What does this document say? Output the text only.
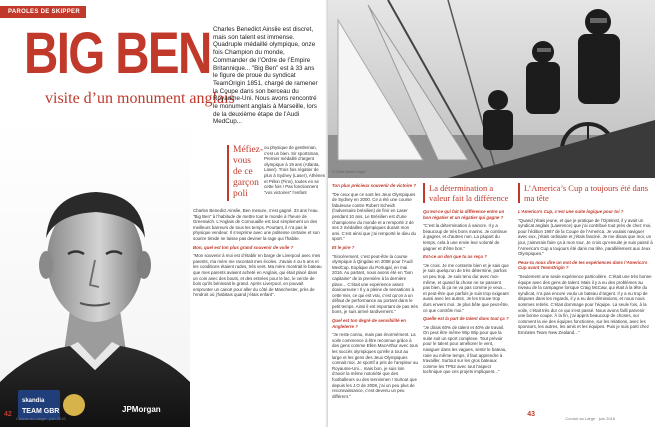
PAROLES DE SKIPPER
skandia
TEAM GBR	JPMorgan
BIG BEN
visite d’un monument anglais
Charles Benedict Ainslie est discret, mais son talent est immense. Quadruple médaillé olympique, onze fois Champion du monde, Commander de l’Ordre de l’Empire Britannique... "Big Ben" est à 33 ans le figure de proue du syndicat TeamOrigin 1851, chargé de ramener la Coupe dans son berceau du Royaume-Uni. Nous avons rencontré le monument anglais à Marseille, lors de la deuxième étape de l’Audi MedCup...
Méfiez-vous de ce garçon poli
ou physique de gentleman, c’est un bien. Sir sportsman, Premier médaillé d’argent olympique à 19 ans (Atlanta, Laser). Trois fois régatier de plus à Sydney (Laser), Athènes et Pékin (Finn), toutes en se cette fois ! Pas fonctionnent "vos victoires" l’enfant
Charles Benedict Ainslie, Ben mesure, s’est gagné. 33 ans l’eau. "Big Ben" à l’habitude de mettre tout le monde à l’heure de Greenwich. L’Anglais de Cornouaille est tout simplement un des meilleurs barreurs de tous les temps. Pourtant, il n’a pas le physique vendeur. Il s’exprime avec une politesse certaine et son sourire timide ne laisse pas deviner la rage qui l’habite.
Bon, quel est ton plus grand souvenir de voile ?
"Mon souvenir à moi est d’établir en barge de Liverpool avec mes parents, ma mère me racontait mes écoles. J’avais 4 ou 5 ans et les conditions étaient rudes, très vent. Ma mère montrait le bateau que mes parents avaient acheté en Anglais, qui était placé dans un coin avec des bouts, et des entrées pour le lac, le cercle de bois qu’ils bénissait le grand. Après Liverpool, on pouvait emprunter un canoë pour aller du côté de Manchester, près de l’endroit où j’habitais quand j’étais enfant".
42
Course au Large · juin 2016
© Gilles Martin-Raget
Ton plus précieux souvenir de victoire ?
"De ceux que ce sont les Jeux Olympiques de Sydney en 2000. Ce a été une course fabuleuse contre Robert Scheidt (l’adversaire brésilien) de finir en Laser pendant 10 ans. Le Brésilien est d’une championne du monde et a remporté 2 de ses 3 médailles olympiques durant mon ami. C’est ainsi que j’ai remporté le dieu du sport."
Et le pire ?
"Sincèrement, c’est peut-être la course olympique à Qingdao en 2008 pour l’Audi MedCup. Explique du Portugal, en mai 2016. Au partant, nous avons été en "bon capitaine" de la première à la dernière place... C’était une expérience assez douloureuse ! Il y a pleine de sensations à cette mer, ce qui est vrai, c’est qu’on a un défaut de performance au portant dans le petit temps. Ainsi il est important de pas très bons, je suis arrivé tardivement."
Quel est ton degré de sensibilité en Angleterre ?
"Je reste connu, mais pas énormément. La voile commence à être reconnue grâce à des gens comme Ellen MacArthur avec tous les succès olympiques qu’elle a tout au large et les gens des Jeux Olympiques connait moi. Je sportif a pris de l’ampleur au Royaume-Uni... mais bon, je suis loin d’avoir la même notoriété que des footballeurs ou des tennismen ! Surtout que depuis les J.O de 2008, j’ai un peu plus de reconnaissance, c’est devenu un peu différent."
La détermination a valeur fait la différence
Qu’est-ce qui fait la différence entre un bon régatier et un régatier qui gagne ?
"C’est la détermination à vaincre. Il y a beaucoup de très bons marins. Je continue à gagner, et d’autres non. La plupart du temps, cela à une envie leur volonté de gagner et d’être bon."
Est-ce un don que tu as reçu ?
"Je crois. Je me contente bien et je sais que je suis quelqu’un de très déterminé, parfois un peu trop. Je suis tenu dur avec moi-même, et quand la chose ne se passent pas bien, là ça ne va pas comme je veux... et peut-être que parfois je suis trop exigeant aussi avec les autres. Je les trouve trop durs envers moi. Je plus bête que peut-être, ce que contrôle moi."
Quelle est la part de talent dans tout ça ?
"Je dirais 60% de talent et 40% de travail. On peut être même Wip Wip pour que la suite soit un sport complexe. Tout prévoir pour le talent pour améliorer le vent, naviguer dans les vagues, sentir le bateau, raire au même temps, il faut apprendre à travailler. Surtout sur les gros bateaux comme les TP52 avec tout l’aspect technique que ces projets impliquent..."
L’America’s Cup a toujours été dans ma tête
L’America’s Cup, c’est une suite logique pour toi ?
"Quand j’étais jeune, et que je pratique de l’Optimist, il y avait un syndicat anglais (Lawrence) que j’ai contribué tout près de chez moi, pour l’édition 1987 de la Coupe de l’America. Je voulais naviguer avec eux, j’étais ordinaire et j’étais fasciné. Je me disais que moi, un jour, j’aimerais faire ça à mon tour. Je crois qu’ensuite je suis passé à l’America’s Cup a toujours été dans ma tête, parallèlement aux Jeux Olympiques."
Peux-tu nous dire un mot de tes expériences dans l’America’s Cup avant TeamOrigin ?
"Seulement une seule expérience particulière. C’était une très bonne équipe avec des gens de talent. Mais il y a eu des problèmes au niveau de la campagne lorsque Craig McCaw, qui était à la tête du syndicat, n’a pas encore voulu un bateau d’argent. Il y a eu trop de disputes dans les regards, il y a eu des démissions, et nous nous sommes retirés. C’était dommage pour l’équipe. La seule fois, à la voile, c’était très dur ce qui s’est passé. Nous avons failli parvenir une bonne coupe. À la fin, j’ai appris beaucoup de choses, sur comment la vie des équipes fonctionne, sur les relations, avec les sponsors, les autres, les amis et les équipes. Puis je suis parti chez Emirates Team New Zealand..."
43
Course au Large · juin 2016
